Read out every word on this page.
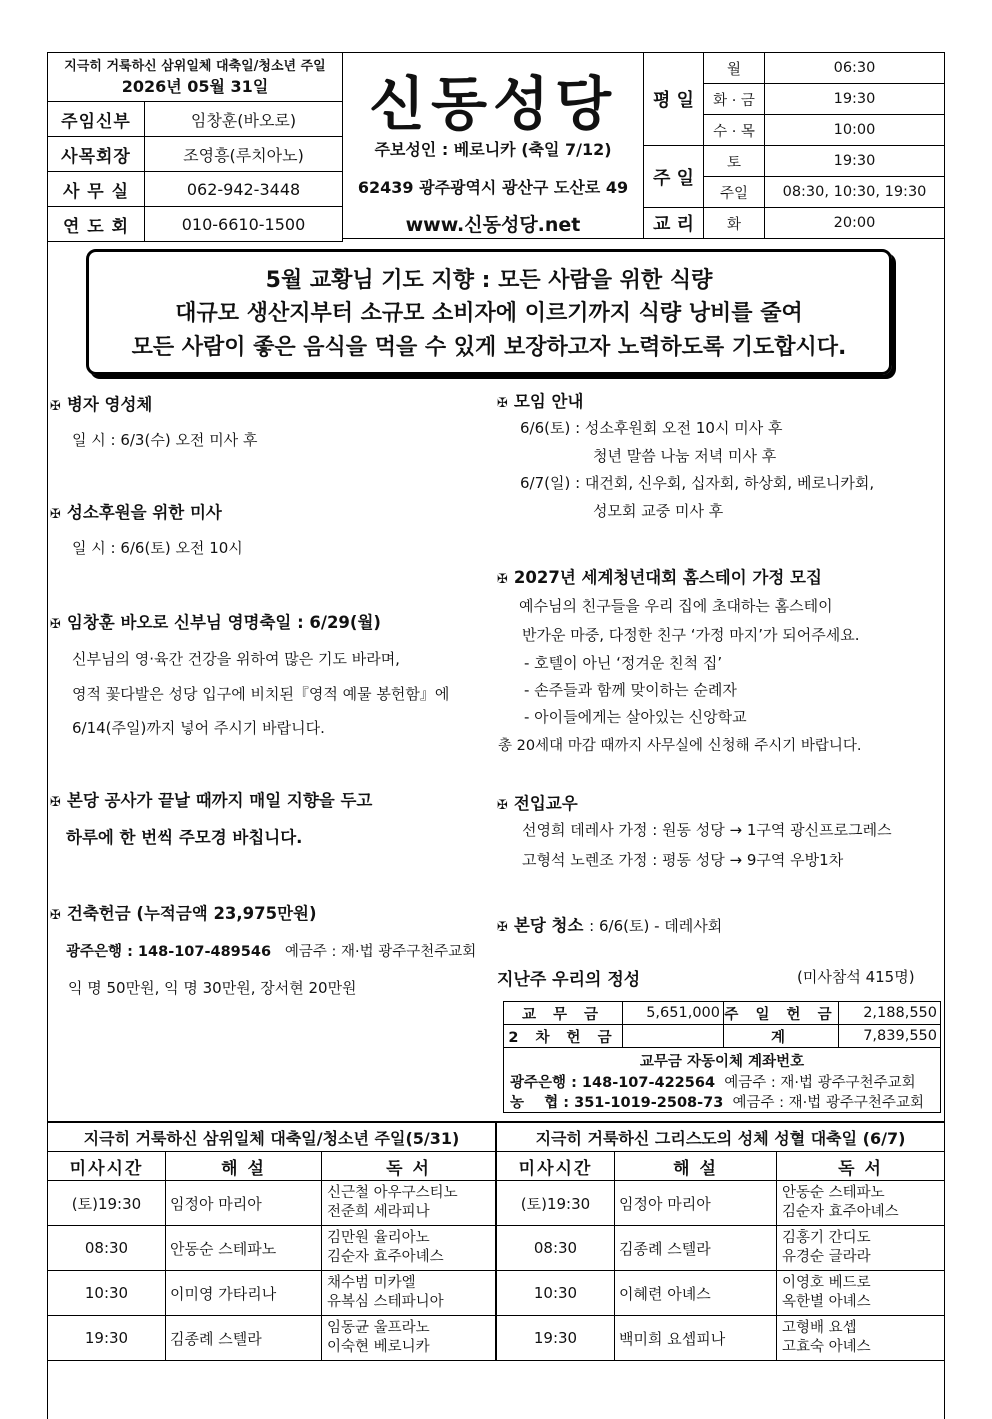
지극히 거룩하신 삼위일체 대축일/청소년 주일
2026년 05월 31일	

주임신부	임창훈(바오로)
사목회장	조영흥(루치아노)
사 무 실	062-942-3448
연 도 회	010-6610-1500
신동성당
주보성인 : 베로니카 (축일 7/12)
62439 광주광역시 광산구 도산로 49
www.신동성당.net
평 일	월	06:30
	화 · 금	19:30
	수 · 목	10:00
주 일	토	19:30
	주일	08:30, 10:30, 19:30
교 리	화	20:00
5월 교황님 기도 지향 : 모든 사람을 위한 식량
대규모 생산지부터 소규모 소비자에 이르기까지 식량 낭비를 줄여
모든 사람이 좋은 음식을 먹을 수 있게 보장하고자 노력하도록 기도합시다.
✠ 병자 영성체
일 시 : 6/3(수) 오전 미사 후
✠ 성소후원을 위한 미사
일 시 : 6/6(토) 오전 10시
✠ 임창훈 바오로 신부님 영명축일 : 6/29(월)
신부님의 영·육간 건강을 위하여 많은 기도 바라며,
영적 꽃다발은 성당 입구에 비치된『영적 예물 봉헌함』에
6/14(주일)까지 넣어 주시기 바랍니다.
✠ 본당 공사가 끝날 때까지 매일 지향을 두고
하루에 한 번씩 주모경 바칩니다.
✠ 건축헌금 (누적금액 23,975만원)
광주은행 : 148-107-489546 예금주 : 재·법 광주구천주교회
익 명 50만원, 익 명 30만원, 장서현 20만원
✠ 모임 안내
6/6(토) : 성소후원회 오전 10시 미사 후
청년 말씀 나눔 저녁 미사 후
6/7(일) : 대건회, 신우회, 십자회, 하상회, 베로니카회,
성모회 교중 미사 후
✠ 2027년 세계청년대회 홈스테이 가정 모집
예수님의 친구들을 우리 집에 초대하는 홈스테이
반가운 마중, 다정한 친구 ‘가정 마지’가 되어주세요.
- 호텔이 아닌 ‘정겨운 친척 집’
- 손주들과 함께 맞이하는 순례자
- 아이들에게는 살아있는 신앙학교
총 20세대 마감 때까지 사무실에 신청해 주시기 바랍니다.
✠ 전입교우
선영희 데레사 가정 : 원동 성당 → 1구역 광신프로그레스
고형석 노렌조 가정 : 평동 성당 → 9구역 우방1차
✠ 본당 청소 : 6/6(토) - 데레사회
지난주 우리의 정성	(미사참석 415명)
교 무 금	5,651,000	주 일 헌 금	2,188,550
2 차 헌 금		계	7,839,550
교무금 자동이체 계좌번호
광주은행 : 148-107-422564 예금주 : 재·법 광주구천주교회
농    협 : 351-1019-2508-73 예금주 : 재·법 광주구천주교회
지극히 거룩하신 삼위일체 대축일/청소년 주일(5/31)		
미사시간	해 설	독 서
(토)19:30	임정아 마리아	신근철 아우구스티노
전준희 세라피나

08:30	안동순 스테파노	김만원 율리아노
김순자 효주아녜스

10:30	이미영 가타리나	채수범 미카엘
유복심 스테파니아

19:30	김종례 스텔라	임동균 울프라노
이숙현 베로니카
지극히 거룩하신 그리스도의 성체 성혈 대축일 (6/7)		
미사시간	해 설	독 서
(토)19:30	임정아 마리아	안동순 스테파노
김순자 효주아녜스

08:30	김종례 스텔라	김홍기 간디도
유경순 글라라

10:30	이혜련 아녜스	이영호 베드로
옥한별 아녜스

19:30	백미희 요셉피나	고형배 요셉
고효숙 아녜스
